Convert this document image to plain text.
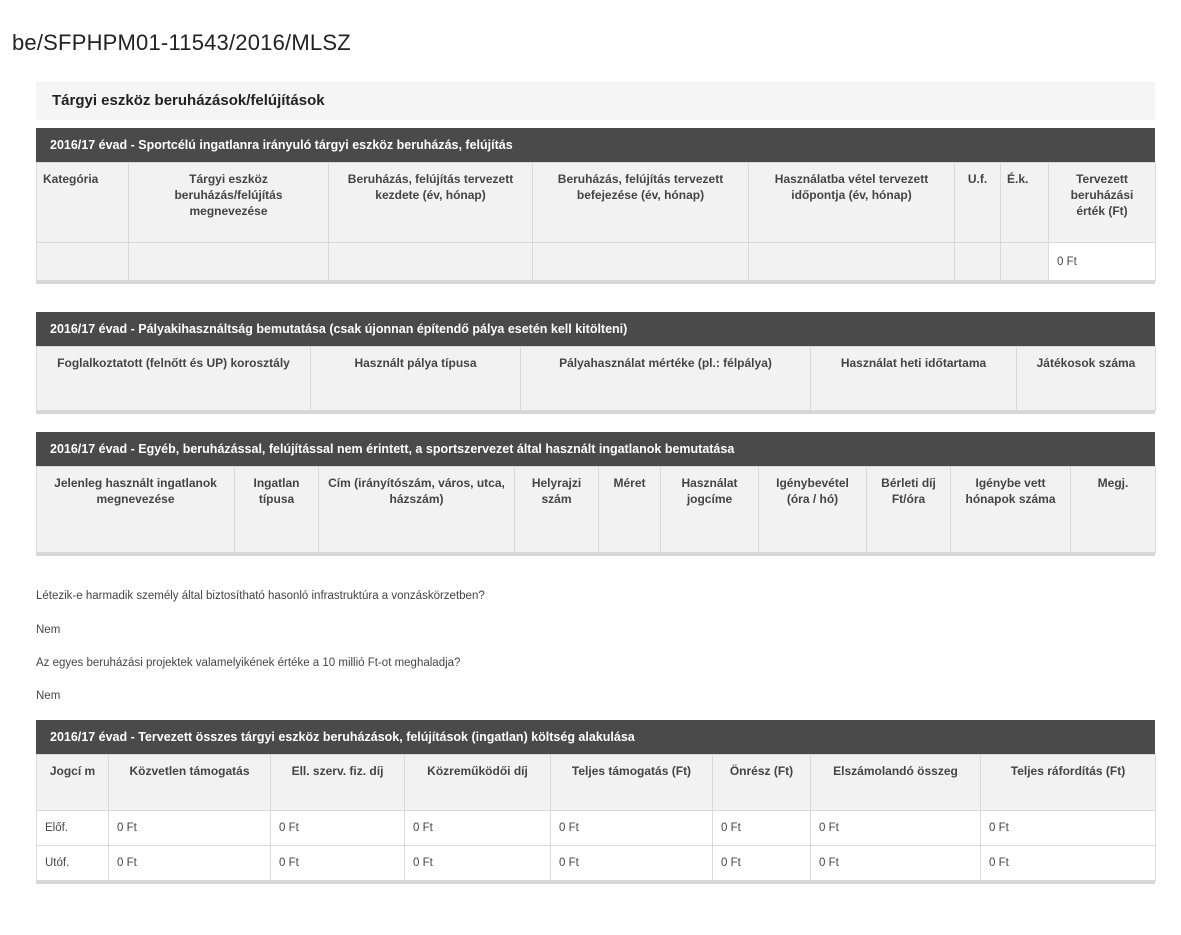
be/SFPHPM01-11543/2016/MLSZ
Tárgyi eszköz beruházások/felújítások
2016/17 évad - Sportcélú ingatlanra irányuló tárgyi eszköz beruházás, felújítás
Kategória	Tárgyi eszköz beruházás/felújítás megnevezése	Beruházás, felújítás tervezett kezdete (év, hónap)	Beruházás, felújítás tervezett befejezése (év, hónap)	Használatba vétel tervezett időpontja (év, hónap)	U.f.	É.k.	Tervezett beruházási érték (Ft)
							0 Ft
2016/17 évad - Pályakihasználtság bemutatása (csak újonnan építendő pálya esetén kell kitölteni)
Foglalkoztatott (felnőtt és UP) korosztály	Használt pálya típusa	Pályahasználat mértéke (pl.: félpálya)	Használat heti időtartama	Játékosok száma
2016/17 évad - Egyéb, beruházással, felújítással nem érintett, a sportszervezet által használt ingatlanok bemutatása
Jelenleg használt ingatlanok megnevezése	Ingatlan típusa	Cím (irányítószám, város, utca, házszám)	Helyrajzi szám	Méret	Használat jogcíme	Igénybevétel (óra / hó)	Bérleti díj Ft/óra	Igénybe vett hónapok száma	Megj.
Létezik-e harmadik személy által biztosítható hasonló infrastruktúra a vonzáskörzetben?
Nem
Az egyes beruházási projektek valamelyikének értéke a 10 millió Ft-ot meghaladja?
Nem
2016/17 évad - Tervezett összes tárgyi eszköz beruházások, felújítások (ingatlan) költség alakulása
Jogcí m	Közvetlen támogatás	Ell. szerv. fiz. díj	Közreműködői díj	Teljes támogatás (Ft)	Önrész (Ft)	Elszámolandó összeg	Teljes ráfordítás (Ft)
Előf.	0 Ft	0 Ft	0 Ft	0 Ft	0 Ft	0 Ft	0 Ft
Utóf.	0 Ft	0 Ft	0 Ft	0 Ft	0 Ft	0 Ft	0 Ft
